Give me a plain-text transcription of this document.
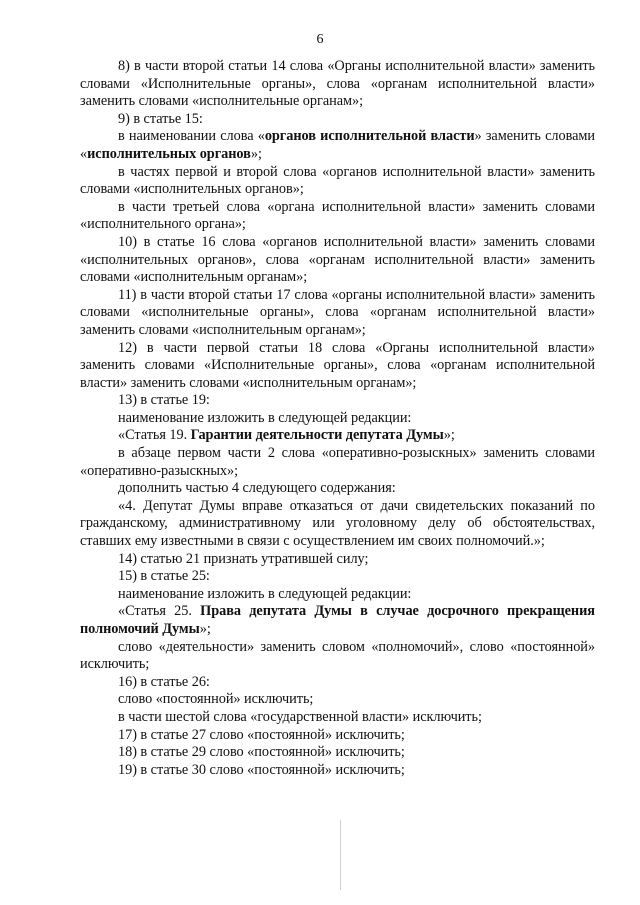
6

8) в части второй статьи 14 слова «Органы исполнительной власти» заменить словами «Исполнительные органы», слова «органам исполнительной власти» заменить словами «исполнительные органам»;

9) в статье 15:

в наименовании слова «органов исполнительной власти» заменить словами «исполнительных органов»;

в частях первой и второй слова «органов исполнительной власти» заменить словами «исполнительных органов»;

в части третьей слова «органа исполнительной власти» заменить словами «исполнительного органа»;

10) в статье 16 слова «органов исполнительной власти» заменить словами «исполнительных органов», слова «органам исполнительной власти» заменить словами «исполнительным органам»;

11) в части второй статьи 17 слова «органы исполнительной власти» заменить словами «исполнительные органы», слова «органам исполнительной власти» заменить словами «исполнительным органам»;

12) в части первой статьи 18 слова «Органы исполнительной власти» заменить словами «Исполнительные органы», слова «органам исполнительной власти» заменить словами «исполнительным органам»;

13) в статье 19:

наименование изложить в следующей редакции:

«Статья 19. Гарантии деятельности депутата Думы»;

в абзаце первом части 2 слова «оперативно-розыскных» заменить словами «оперативно-разыскных»;

дополнить частью 4 следующего содержания:

«4. Депутат Думы вправе отказаться от дачи свидетельских показаний по гражданскому, административному или уголовному делу об обстоятельствах, ставших ему известными в связи с осуществлением им своих полномочий.»;

14) статью 21 признать утратившей силу;

15) в статье 25:

наименование изложить в следующей редакции:

«Статья 25. Права депутата Думы в случае досрочного прекращения полномочий Думы»;

слово «деятельности» заменить словом «полномочий», слово «постоянной» исключить;

16) в статье 26:

слово «постоянной» исключить;

в части шестой слова «государственной власти» исключить;

17) в статье 27 слово «постоянной» исключить;

18) в статье 29 слово «постоянной» исключить;

19) в статье 30 слово «постоянной» исключить;
